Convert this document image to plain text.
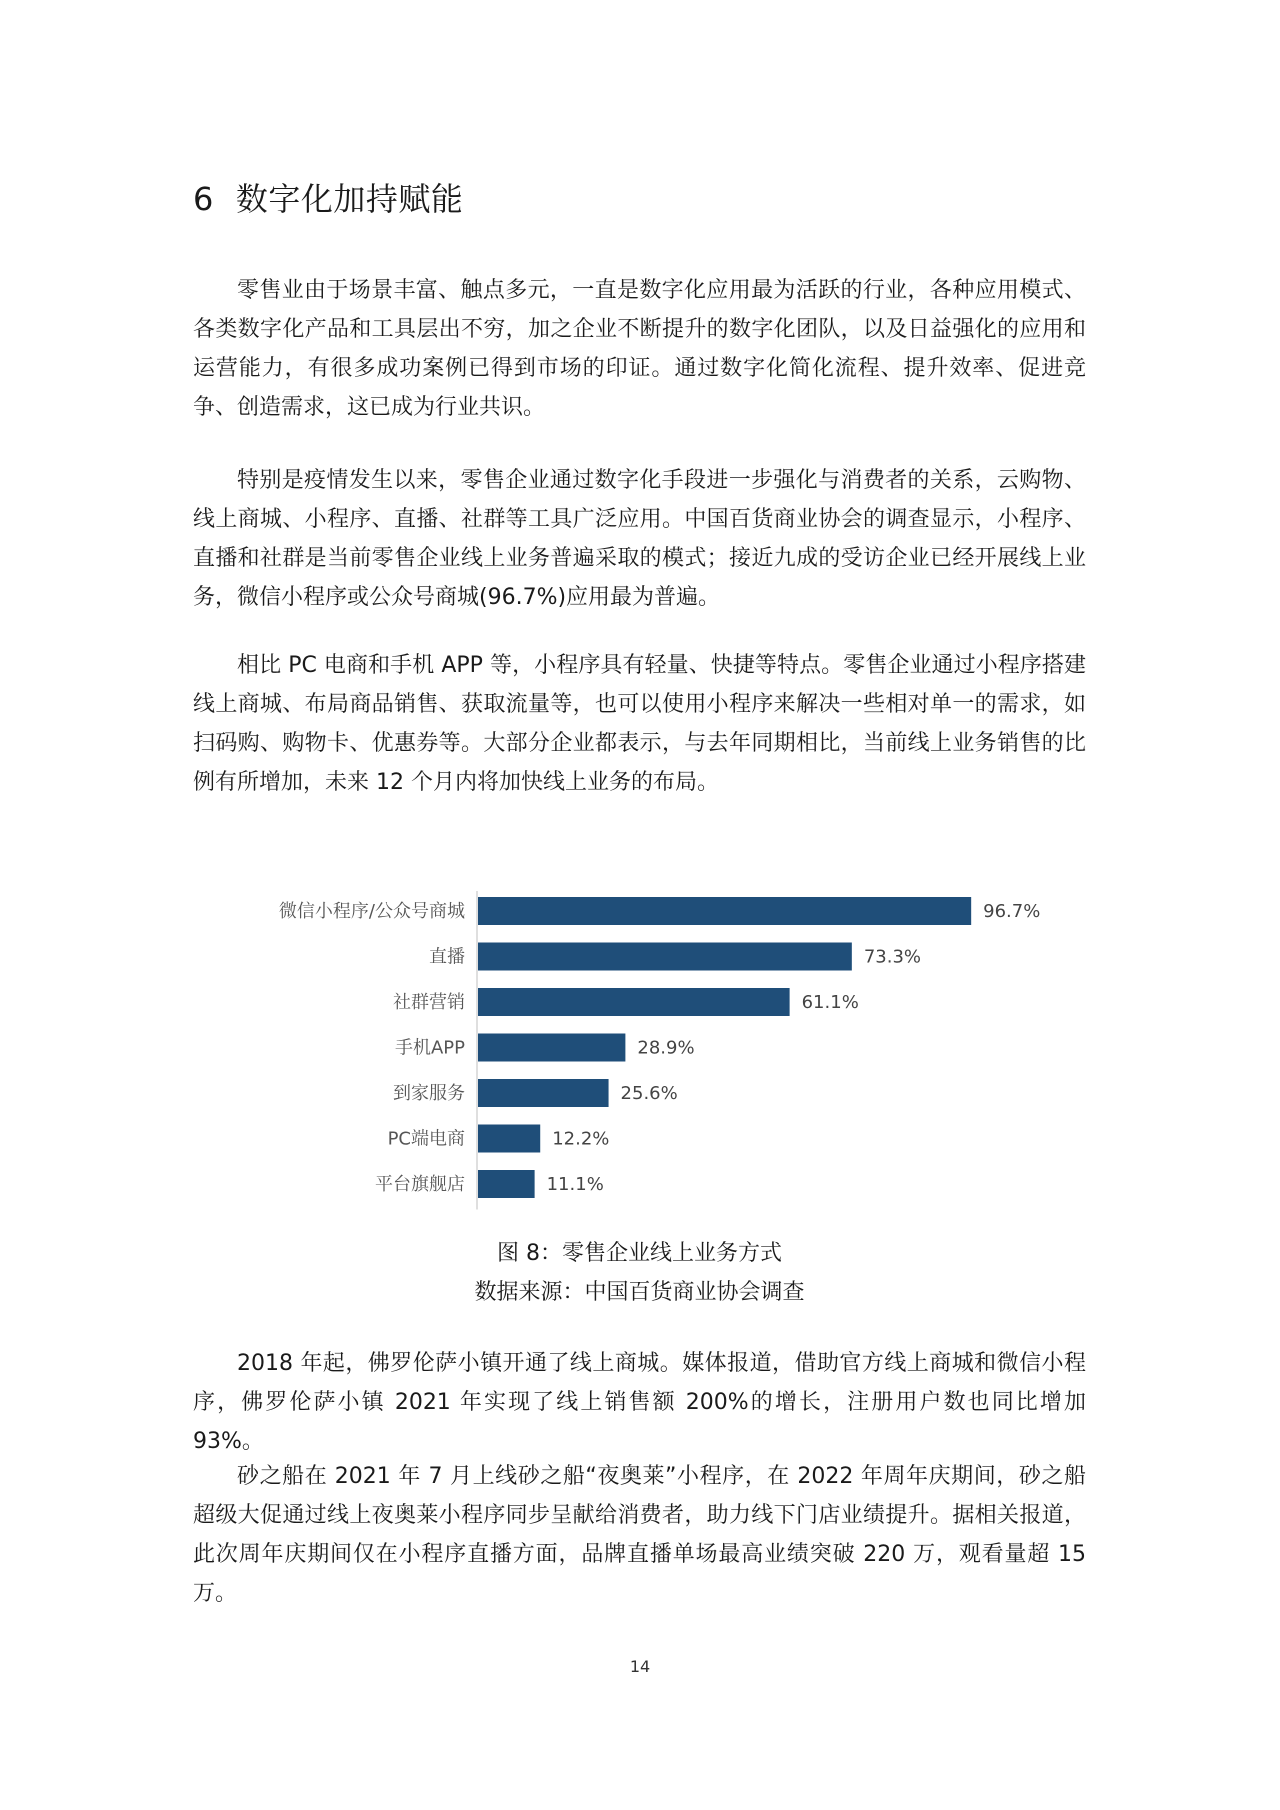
6 数字化加持赋能

零售业由于场景丰富、触点多元，一直是数字化应用最为活跃的行业，各种应用模式、各类数字化产品和工具层出不穷，加之企业不断提升的数字化团队，以及日益强化的应用和运营能力，有很多成功案例已得到市场的印证。通过数字化简化流程、提升效率、促进竞争、创造需求，这已成为行业共识。

特别是疫情发生以来，零售企业通过数字化手段进一步强化与消费者的关系，云购物、线上商城、小程序、直播、社群等工具广泛应用。中国百货商业协会的调查显示，小程序、直播和社群是当前零售企业线上业务普遍采取的模式；接近九成的受访企业已经开展线上业务，微信小程序或公众号商城(96.7%)应用最为普遍。

相比 PC 电商和手机 APP 等，小程序具有轻量、快捷等特点。零售企业通过小程序搭建线上商城、布局商品销售、获取流量等，也可以使用小程序来解决一些相对单一的需求，如扫码购、购物卡、优惠券等。大部分企业都表示，与去年同期相比，当前线上业务销售的比例有所增加，未来 12 个月内将加快线上业务的布局。

微信小程序/公众号商城	96.7%
直播	73.3%
社群营销	61.1%
手机APP	28.9%
到家服务	25.6%
PC端电商	12.2%
平台旗舰店	11.1%

图 8：零售企业线上业务方式

数据来源：中国百货商业协会调查

2018 年起，佛罗伦萨小镇开通了线上商城。媒体报道，借助官方线上商城和微信小程序，佛罗伦萨小镇 2021 年实现了线上销售额 200%的增长，注册用户数也同比增加 93%。

砂之船在 2021 年 7 月上线砂之船“夜奥莱”小程序，在 2022 年周年庆期间，砂之船超级大促通过线上夜奥莱小程序同步呈献给消费者，助力线下门店业绩提升。据相关报道，此次周年庆期间仅在小程序直播方面，品牌直播单场最高业绩突破 220 万，观看量超 15 万。

14
